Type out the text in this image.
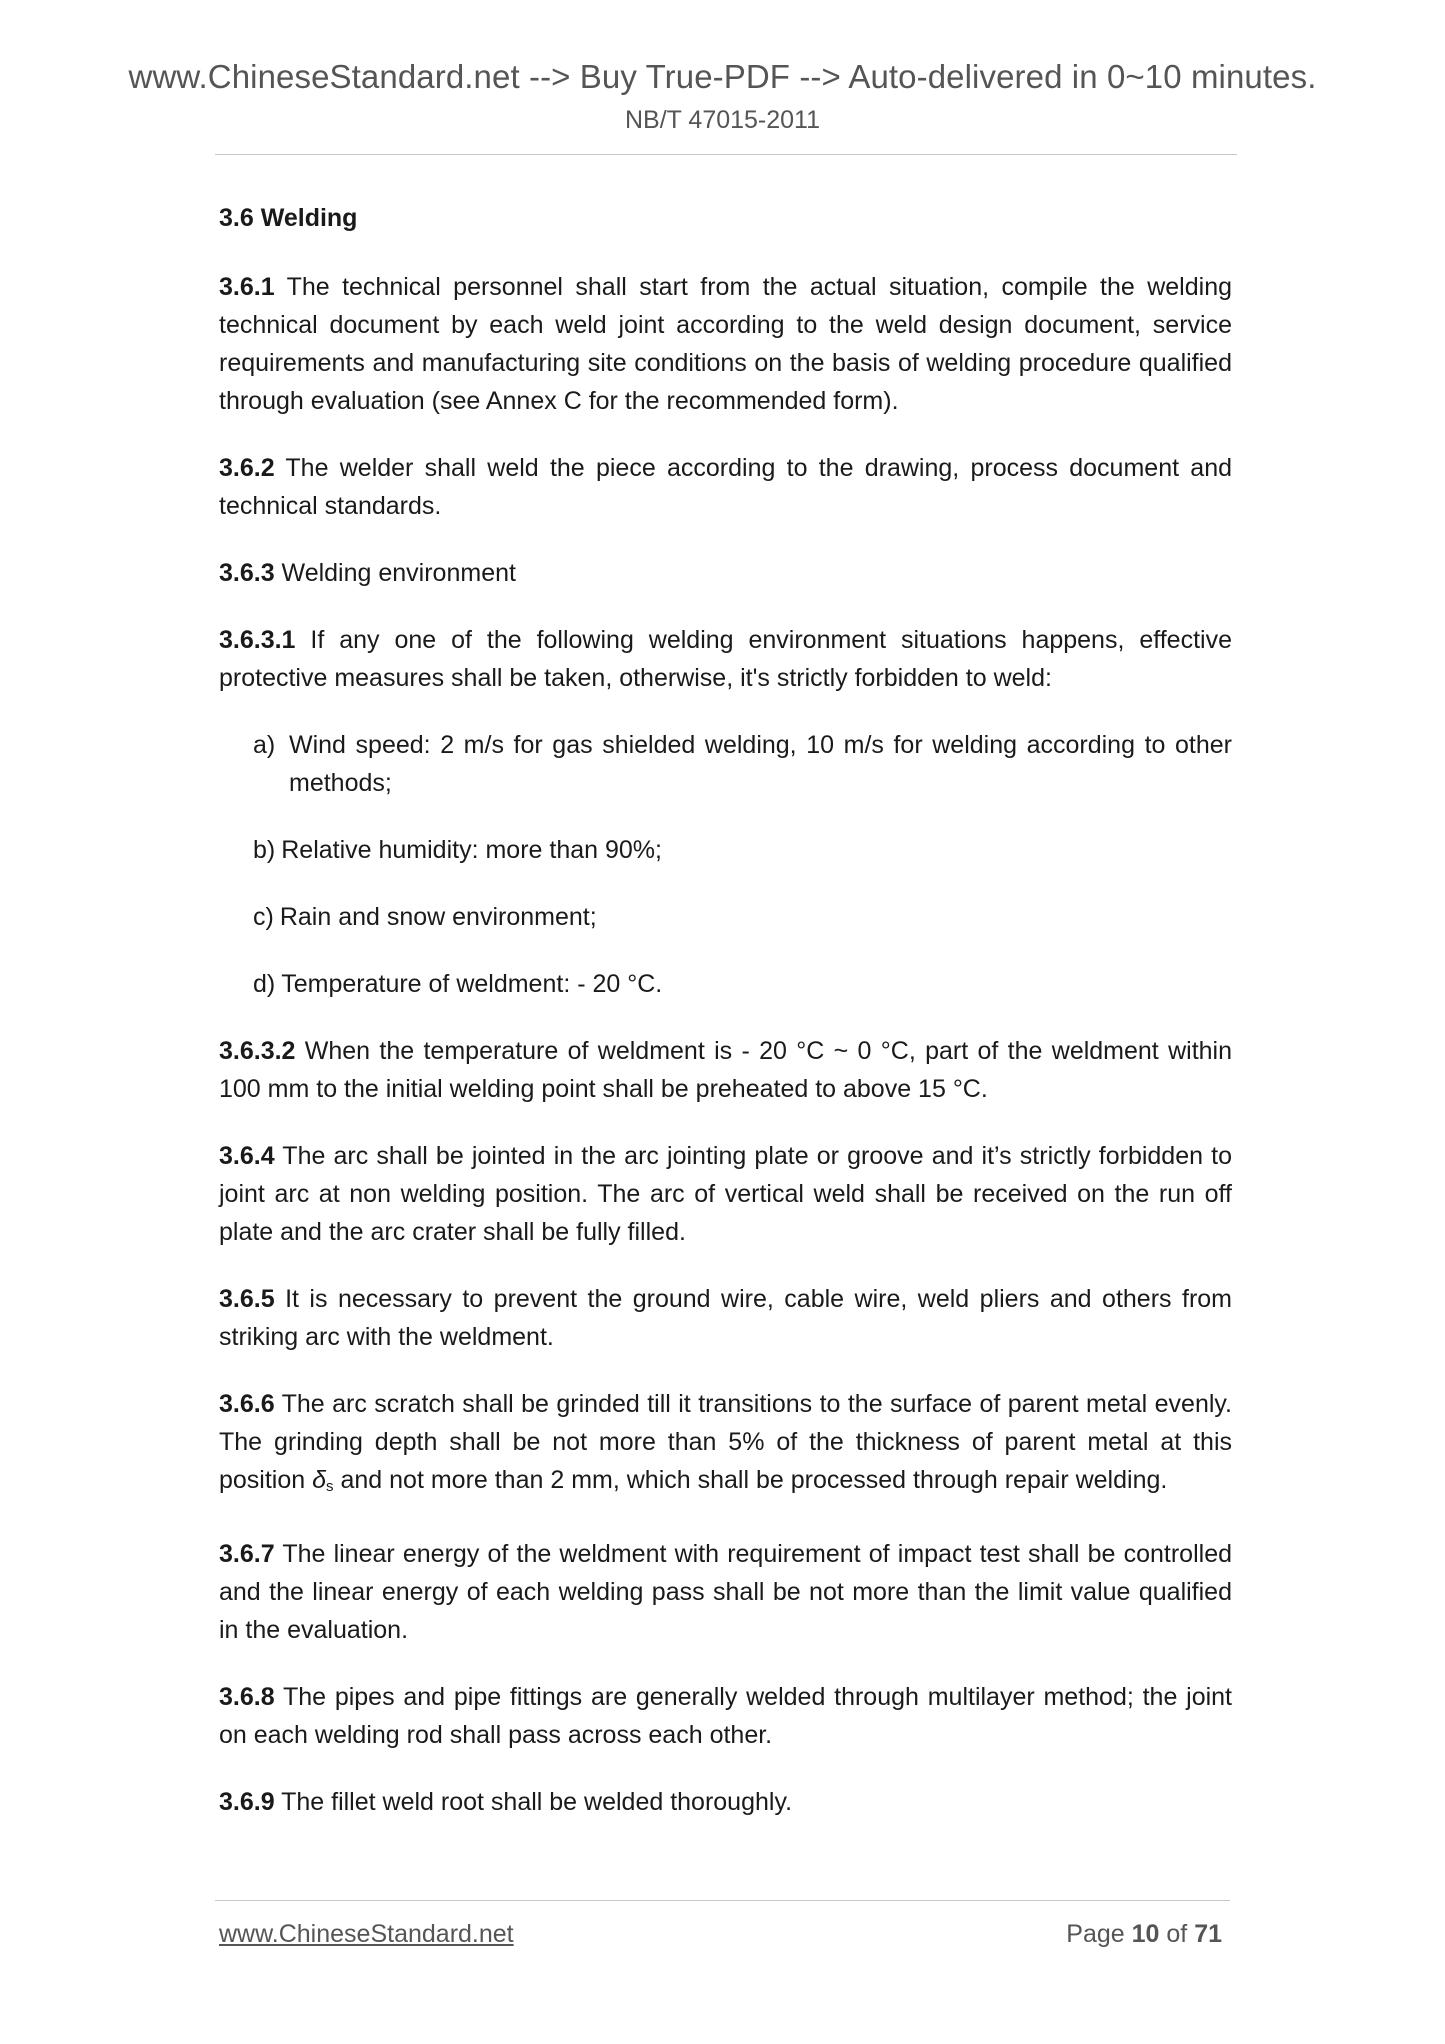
www.ChineseStandard.net --> Buy True-PDF --> Auto-delivered in 0~10 minutes.
NB/T 47015-2011
3.6 Welding

3.6.1 The technical personnel shall start from the actual situation, compile the welding technical document by each weld joint according to the weld design document, service requirements and manufacturing site conditions on the basis of welding procedure qualified through evaluation (see Annex C for the recommended form).

3.6.2 The welder shall weld the piece according to the drawing, process document and technical standards.

3.6.3 Welding environment

3.6.3.1 If any one of the following welding environment situations happens, effective protective measures shall be taken, otherwise, it's strictly forbidden to weld:

a) Wind speed: 2 m/s for gas shielded welding, 10 m/s for welding according to other methods;
b) Relative humidity: more than 90%;
c) Rain and snow environment;
d) Temperature of weldment: - 20 °C.

3.6.3.2 When the temperature of weldment is - 20 °C ~ 0 °C, part of the weldment within 100 mm to the initial welding point shall be preheated to above 15 °C.

3.6.4 The arc shall be jointed in the arc jointing plate or groove and it’s strictly forbidden to joint arc at non welding position. The arc of vertical weld shall be received on the run off plate and the arc crater shall be fully filled.

3.6.5 It is necessary to prevent the ground wire, cable wire, weld pliers and others from striking arc with the weldment.

3.6.6 The arc scratch shall be grinded till it transitions to the surface of parent metal evenly. The grinding depth shall be not more than 5% of the thickness of parent metal at this position $\delta_s$ and not more than 2 mm, which shall be processed through repair welding.

3.6.7 The linear energy of the weldment with requirement of impact test shall be controlled and the linear energy of each welding pass shall be not more than the limit value qualified in the evaluation.

3.6.8 The pipes and pipe fittings are generally welded through multilayer method; the joint on each welding rod shall pass across each other.

3.6.9 The fillet weld root shall be welded thoroughly.

www.ChineseStandard.net	Page 10 of 71
